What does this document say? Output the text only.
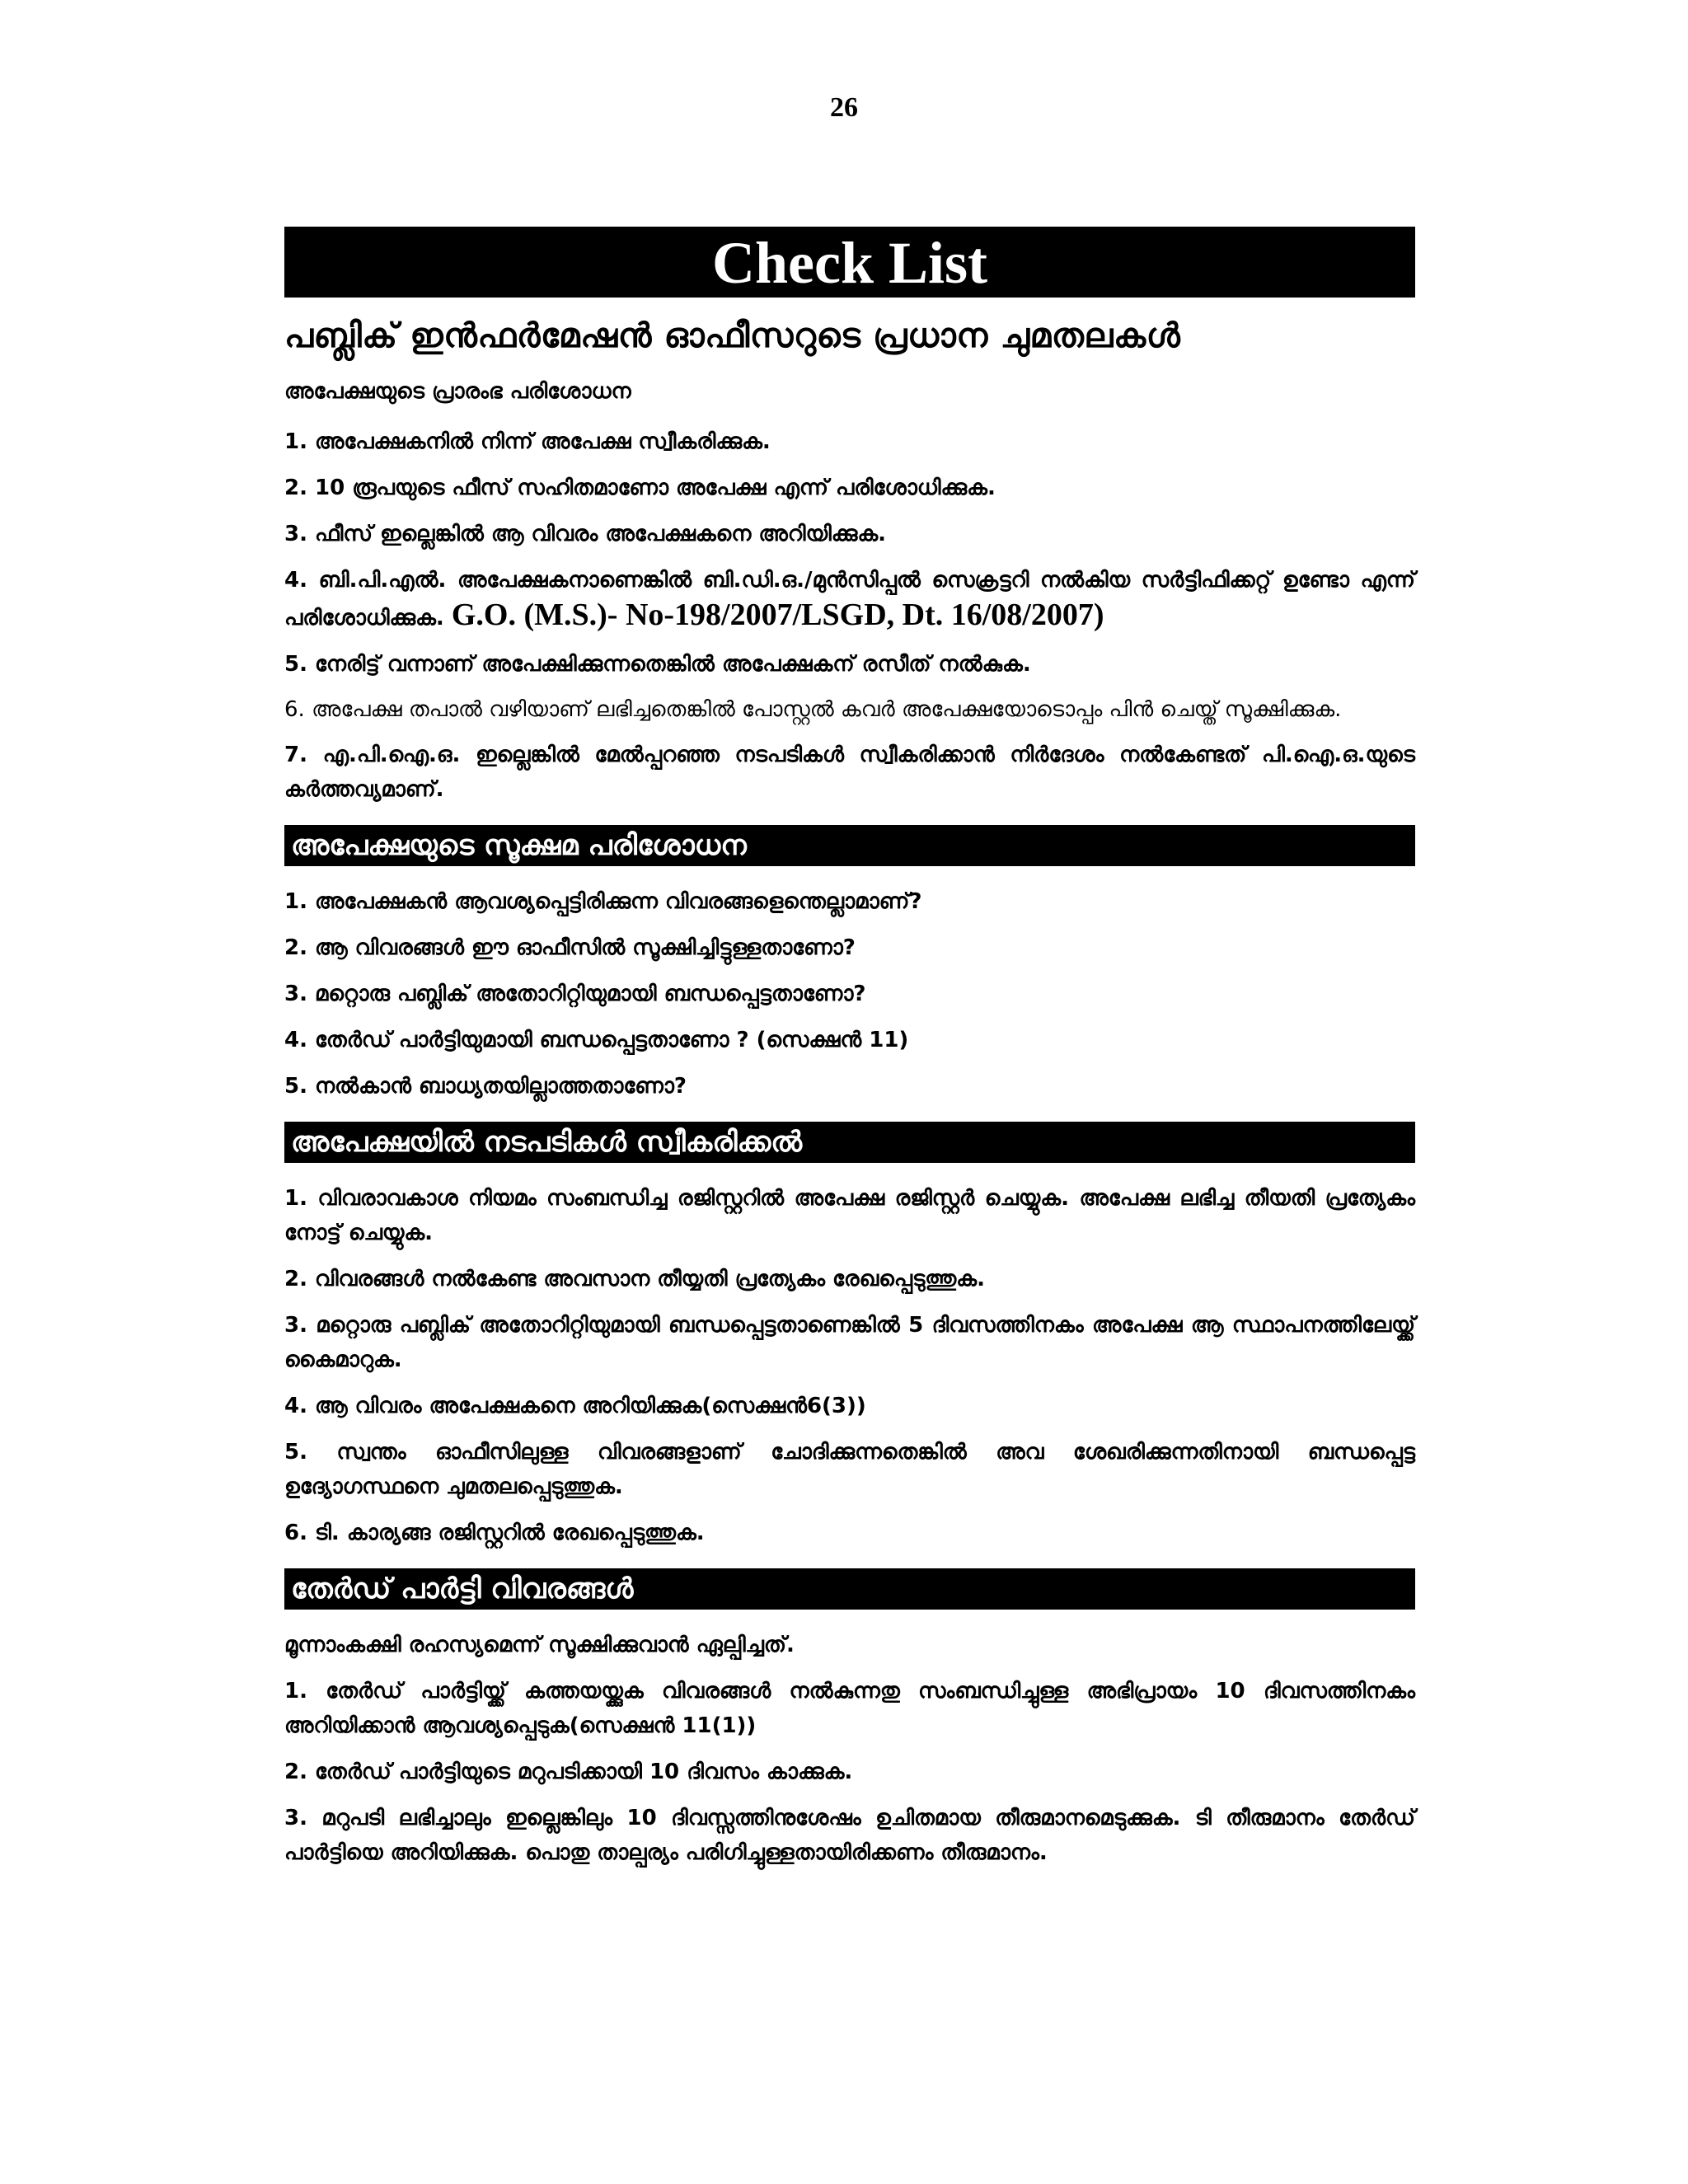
26
Check List
പബ്ലിക് ഇൻഫർമേഷൻ ഓഫീസറുടെ പ്രധാന ചുമതലകൾ
അപേക്ഷയുടെ പ്രാരംഭ പരിശോധന
1. അപേക്ഷകനിൽ നിന്ന് അപേക്ഷ സ്വീകരിക്കുക.
2. 10 രൂപയുടെ ഫീസ് സഹിതമാണോ അപേക്ഷ എന്ന് പരിശോധിക്കുക.
3. ഫീസ് ഇല്ലെങ്കിൽ ആ വിവരം അപേക്ഷകനെ അറിയിക്കുക.
4. ബി.പി.എൽ. അപേക്ഷകനാണെങ്കിൽ ബി.ഡി.ഒ./മുൻസിപ്പൽ സെക്രട്ടറി നൽകിയ സർട്ടിഫിക്കറ്റ് ഉണ്ടോ എന്ന് പരിശോധിക്കുക. G.O. (M.S.)- No-198/2007/LSGD, Dt. 16/08/2007)
5. നേരിട്ട് വന്നാണ് അപേക്ഷിക്കുന്നതെങ്കിൽ അപേക്ഷകന് രസീത് നൽകുക.
6. അപേക്ഷ തപാൽ വഴിയാണ് ലഭിച്ചതെങ്കിൽ പോസ്റ്റൽ കവർ അപേക്ഷയോടൊപ്പം പിൻ ചെയ്ത് സൂക്ഷിക്കുക.
7. എ.പി.ഐ.ഒ. ഇല്ലെങ്കിൽ മേൽപ്പറഞ്ഞ നടപടികൾ സ്വീകരിക്കാൻ നിർദേശം നൽകേണ്ടത് പി.ഐ.ഒ.യുടെ കർത്തവ്യമാണ്.
അപേക്ഷയുടെ സൂക്ഷമ പരിശോധന
1. അപേക്ഷകൻ ആവശ്യപ്പെട്ടിരിക്കുന്ന വിവരങ്ങളെന്തെല്ലാമാണ്?
2. ആ വിവരങ്ങൾ ഈ ഓഫീസിൽ സൂക്ഷിച്ചിട്ടുള്ളതാണോ?
3. മറ്റൊരു പബ്ലിക് അതോറിറ്റിയുമായി ബന്ധപ്പെട്ടതാണോ?
4. തേർഡ് പാർട്ടിയുമായി ബന്ധപ്പെട്ടതാണോ ? (സെക്ഷൻ 11)
5. നൽകാൻ ബാധ്യതയില്ലാത്തതാണോ?
അപേക്ഷയിൽ നടപടികൾ സ്വീകരിക്കൽ
1. വിവരാവകാശ നിയമം സംബന്ധിച്ച രജിസ്റ്ററിൽ അപേക്ഷ രജിസ്റ്റർ ചെയ്യുക. അപേക്ഷ ലഭിച്ച തീയതി പ്രത്യേകം നോട്ട് ചെയ്യുക.
2. വിവരങ്ങൾ നൽകേണ്ട അവസാന തീയ്യതി പ്രത്യേകം രേഖപ്പെടുത്തുക.
3. മറ്റൊരു പബ്ലിക് അതോറിറ്റിയുമായി ബന്ധപ്പെട്ടതാണെങ്കിൽ 5 ദിവസത്തിനകം അപേക്ഷ ആ സ്ഥാപനത്തിലേയ്ക്ക് കൈമാറുക.
4. ആ വിവരം അപേക്ഷകനെ അറിയിക്കുക(സെക്ഷൻ6(3))
5. സ്വന്തം ഓഫീസിലുള്ള വിവരങ്ങളാണ് ചോദിക്കുന്നതെങ്കിൽ അവ ശേഖരിക്കുന്നതിനായി ബന്ധപ്പെട്ട ഉദ്യോഗസ്ഥനെ ചുമതലപ്പെടുത്തുക.
6. ടി. കാര്യങ്ങ രജിസ്റ്ററിൽ രേഖപ്പെടുത്തുക.
തേർഡ് പാർട്ടി വിവരങ്ങൾ
മൂന്നാംകക്ഷി രഹസ്യമെന്ന് സൂക്ഷിക്കുവാൻ ഏല്പിച്ചത്.
1. തേർഡ് പാർട്ടിയ്ക്ക് കത്തയയ്ക്കുക വിവരങ്ങൾ നൽകുന്നതു സംബന്ധിച്ചുള്ള അഭിപ്രായം 10 ദിവസത്തിനകം അറിയിക്കാൻ ആവശ്യപ്പെടുക(സെക്ഷൻ 11(1))
2. തേർഡ് പാർട്ടിയുടെ മറുപടിക്കായി 10 ദിവസം കാക്കുക.
3. മറുപടി ലഭിച്ചാലും ഇല്ലെങ്കിലും 10 ദിവസ്സത്തിനുശേഷം ഉചിതമായ തീരുമാനമെടുക്കുക. ടി തീരുമാനം തേർഡ് പാർട്ടിയെ അറിയിക്കുക. പൊതു താല്പര്യം പരിഗിച്ചുള്ളതായിരിക്കണം തീരുമാനം.
